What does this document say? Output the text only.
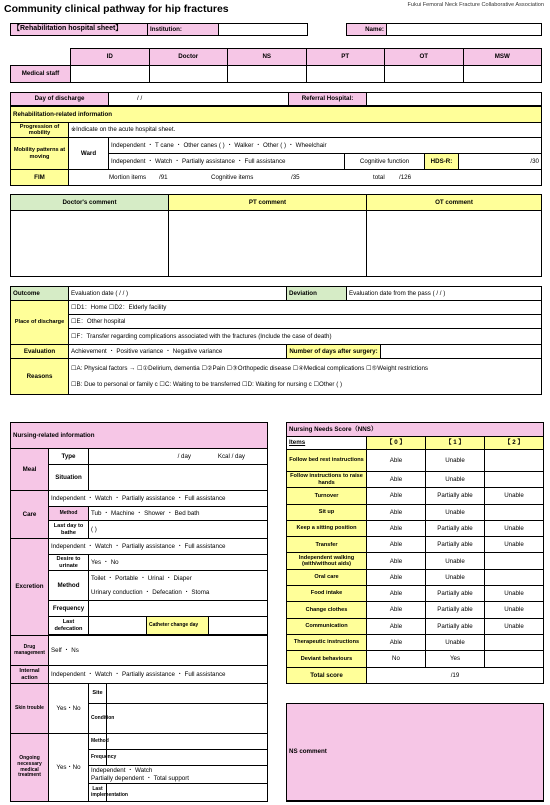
Community clinical pathway for hip fractures	Fukui Femoral Neck Fracture Collaborative Association
【Rehabilitation hospital sheet】	Institution:	Name:	
	ID	Doctor	NS	PT	OT	MSW
Medical staff						
Day of discharge	/ /	Referral Hospital:	
Rehabilitation-related information					
Progression of mobility	※Indicate on the acute hospital sheet.				
Mobility patterns at moving	Ward	Independent ・ T cane ・ Other canes ( ) ・ Walker ・ Other ( ) ・ Wheelchair			
		Independent ・ Watch ・ Partially assistance ・ Full assistance	Cognitive function	HDS-R:	/30
FIM	Mortion items /91 Cognitive items /35 total /126				
Doctor's comment	PT comment	OT comment

Outcome	Evaluation date ( / / )	Deviation	Evaluation date from the pass ( / / )	
Place of discharge	☐D1：Home ☐D2：Elderly facility			
	☐E：Other hospital			
	☐F：Transfer regarding complications associated with the fractures (Include the case of death)			
Evaluation	Achievement ・ Positive variance ・ Negative variance	Number of days after surgery:		
Reasons	☐A: Physical factors → ☐①Delirium, dementia ☐②Pain ☐③Orthopedic disease ☐④Medical complications ☐⑤Weight restrictions
☐B: Due to personal or family c ☐C: Waiting to be transferred ☐D: Waiting for nursing c ☐Other ( )			
Nursing-related information			
Meal	Type	/ day Kcal / day	
	Situation		
Care	Independent ・ Watch ・ Partially assistance ・ Full assistance		
	Method	Tub ・ Machine ・ Shower ・ Bed bath	
	Last day to bathe	( )	
Excretion	Independent ・ Watch ・ Partially assistance ・ Full assistance		
	Desire to urinate	Yes ・ No	
	Method	Toilet ・ Portable ・ Urinal ・ Diaper
Urinary conduction ・ Defecation ・ Stoma	

	Frequency		
	Last defecation	Catheter change day	

Drug management	Self ・ Ns		
Internal action	Independent ・ Watch ・ Partially assistance ・ Full assistance		
Skin trouble	Yes・No	Site	
		Condition	
Ongoing necessary medical treatment	Yes・No	Method	
		Frequency	

		Independent ・ Watch
Partially dependent ・ Total support	

		Last implementation	
Nursing Needs Score（NNS）			
Items	【 0 】	【 1 】	【 2 】
Follow bed rest instructions	Able	Unable	
Follow instructions to raise hands	Able	Unable	
Turnover	Able	Partially able	Unable
Sit up	Able	Unable	
Keep a sitting position	Able	Partially able	Unable
Transfer	Able	Partially able	Unable
Independent walking (with/without aids)	Able	Unable	
Oral care	Able	Unable	
Food intake	Able	Partially able	Unable
Change clothes	Able	Partially able	Unable
Communication	Able	Partially able	Unable
Therapeutic instructions	Able	Unable	
Deviant behaviours	No	Yes	
Total score	/19		
NS comment
